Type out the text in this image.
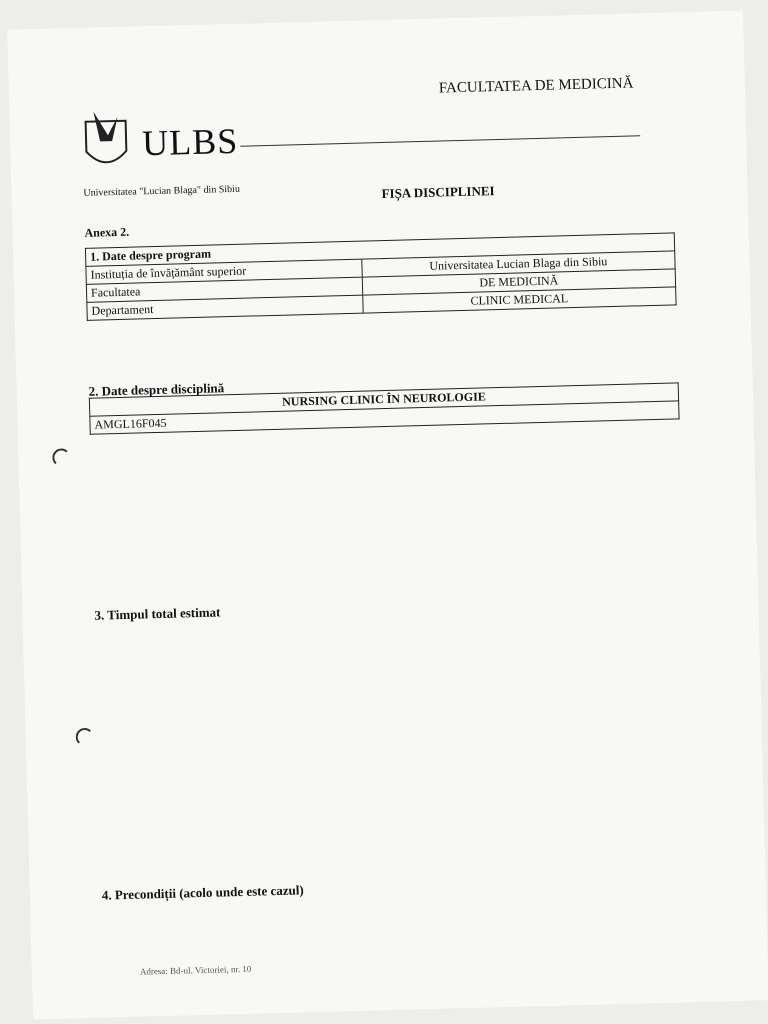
ULBS
Universitatea "Lucian Blaga" din Sibiu
FACULTATEA DE MEDICINĂ
FIȘA DISCIPLINEI
Anexa 2.
1. Date despre program	
Instituția de învățământ superior	Universitatea Lucian Blaga din Sibiu
Facultatea	DE MEDICINĂ
Departament	CLINIC MEDICAL
2. Date despre disciplină	NURSING CLINIC ÎN NEUROLOGIE
AMGL16F045
3. Timpul total estimat
4. Precondiții (acolo unde este cazul)
Adresa: Bd-ul. Victoriei, nr. 10
